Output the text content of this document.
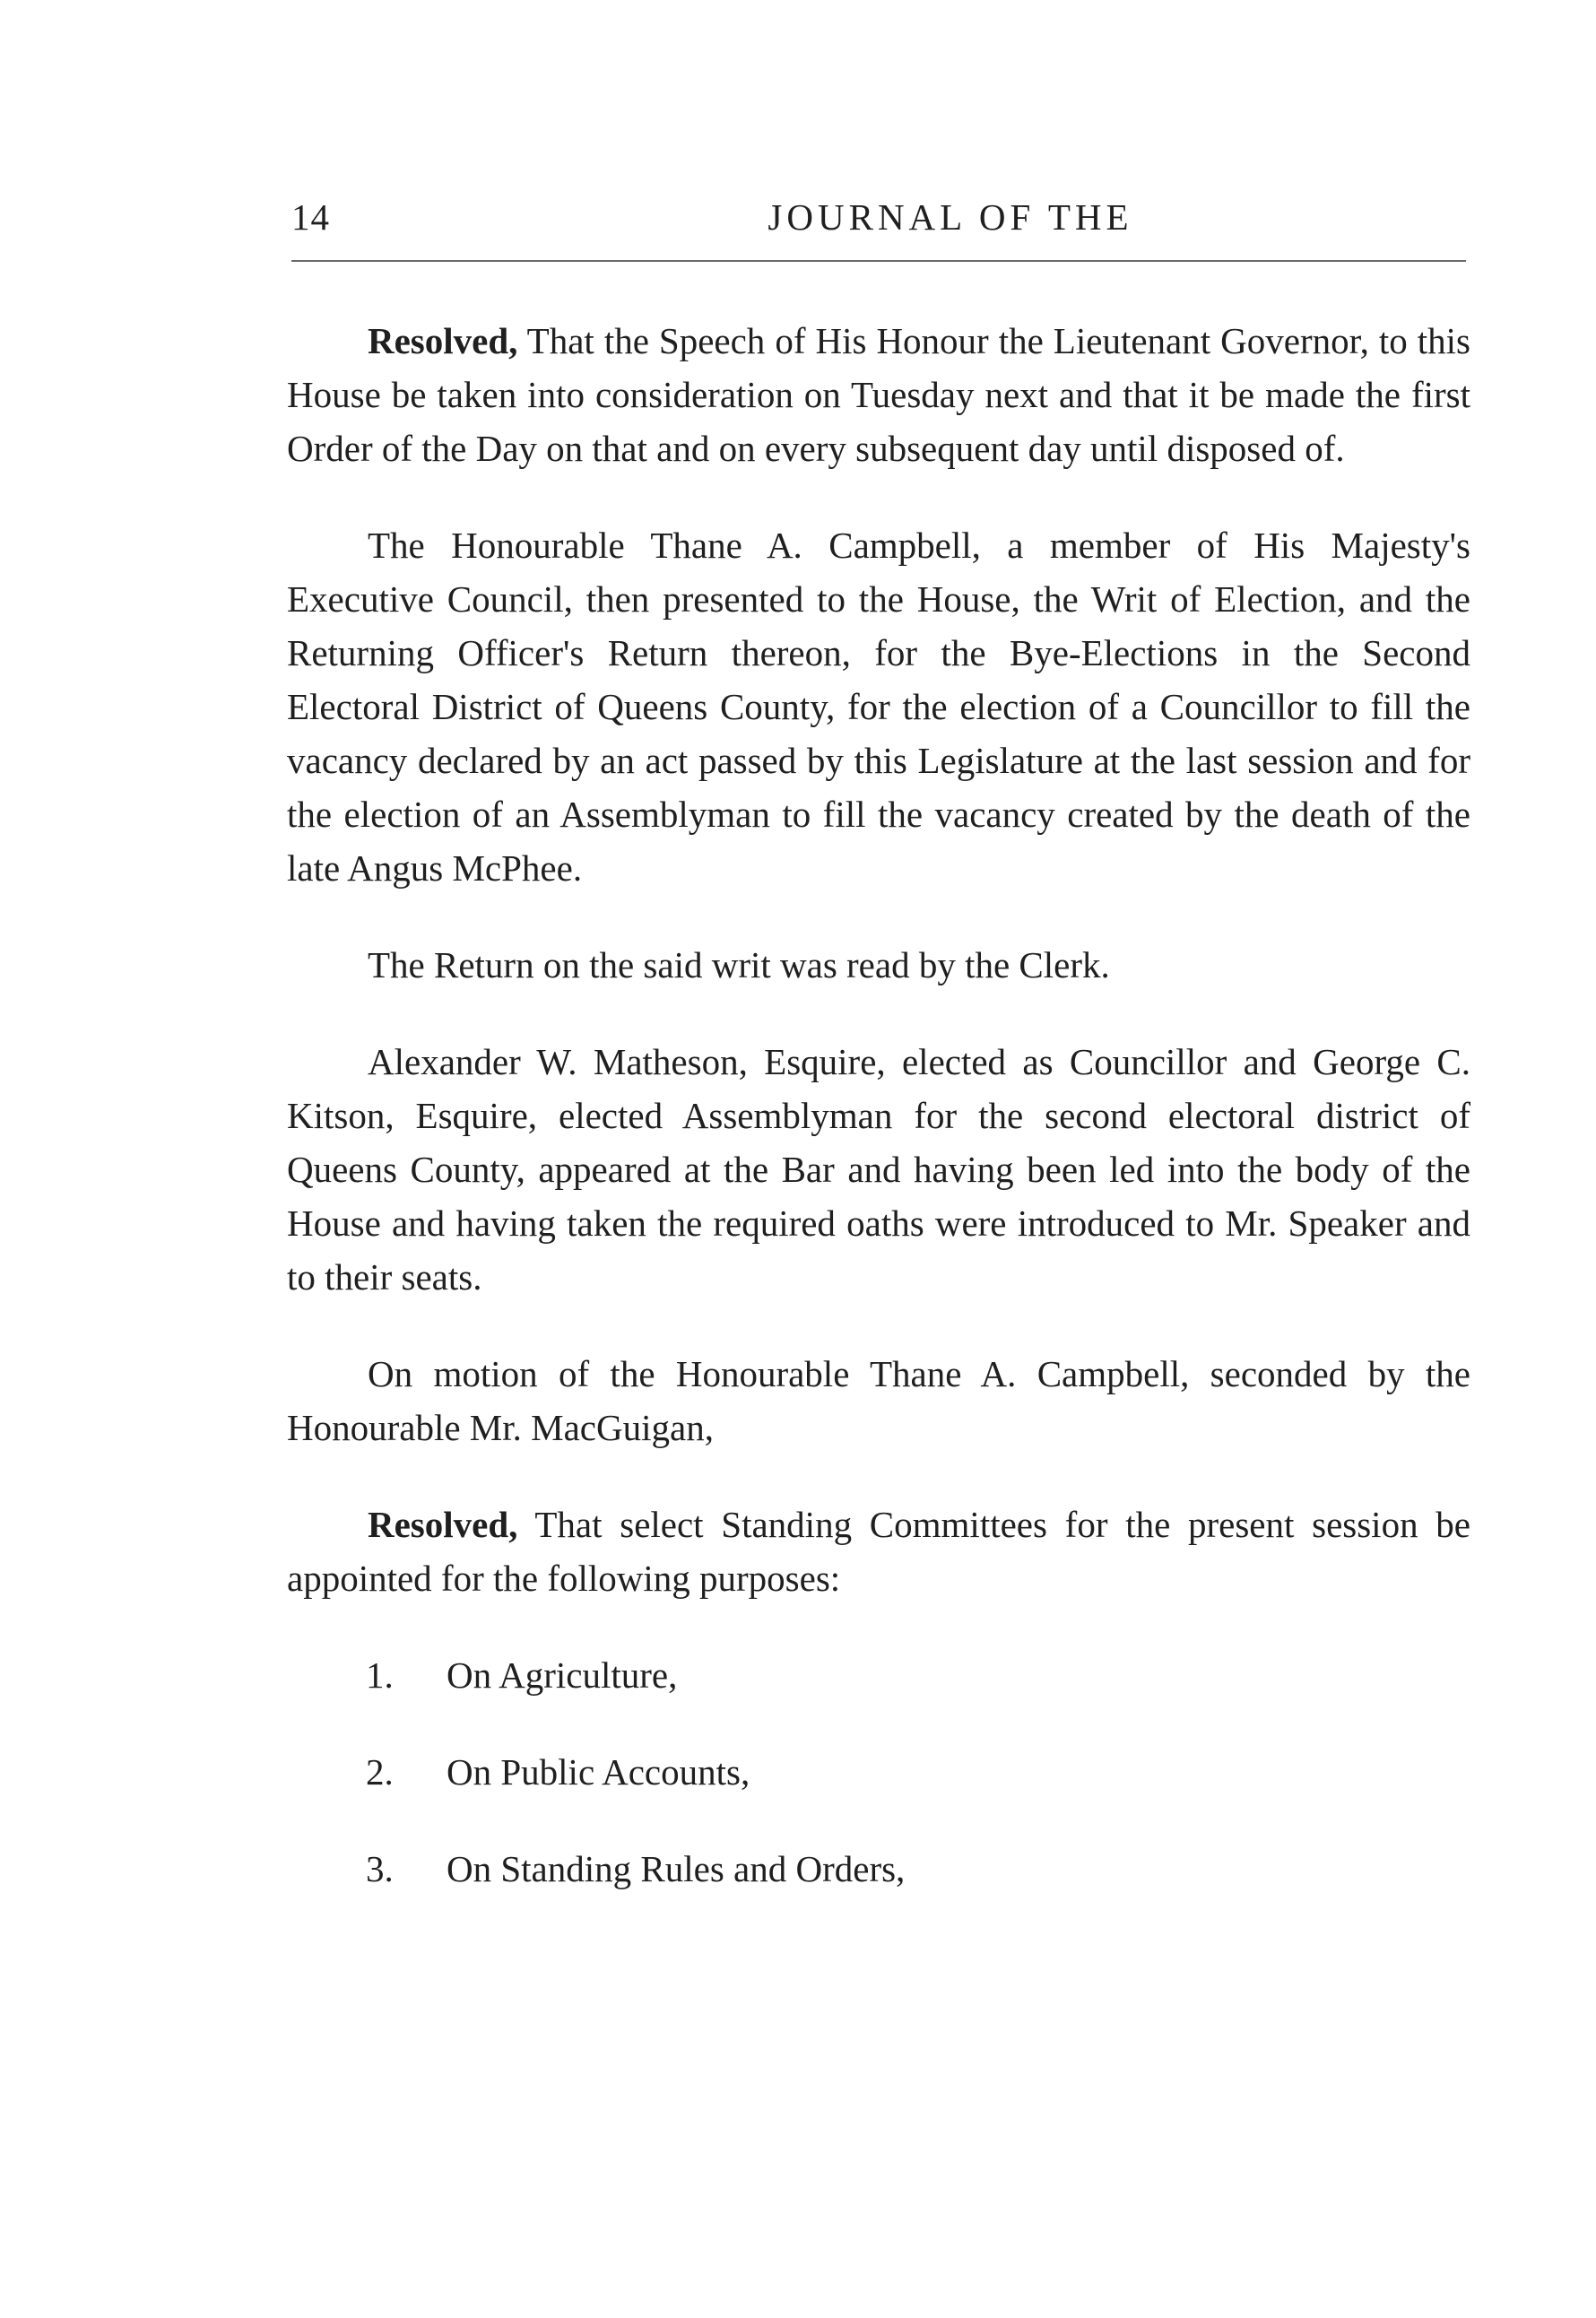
14	JOURNAL OF THE

Resolved, That the Speech of His Honour the Lieutenant Governor, to this House be taken into consideration on Tuesday next and that it be made the first Order of the Day on that and on every subsequent day until disposed of.

The Honourable Thane A. Campbell, a member of His Majesty's Executive Council, then presented to the House, the Writ of Election, and the Returning Officer's Return thereon, for the Bye-Elections in the Second Electoral District of Queens County, for the election of a Councillor to fill the vacancy declared by an act passed by this Legislature at the last session and for the election of an Assemblyman to fill the vacancy created by the death of the late Angus McPhee.

The Return on the said writ was read by the Clerk.

Alexander W. Matheson, Esquire, elected as Councillor and George C. Kitson, Esquire, elected Assemblyman for the second electoral district of Queens County, appeared at the Bar and having been led into the body of the House and having taken the required oaths were introduced to Mr. Speaker and to their seats.

On motion of the Honourable Thane A. Campbell, seconded by the Honourable Mr. MacGuigan,

Resolved, That select Standing Committees for the present session be appointed for the following purposes:

1.	On Agriculture,
2.	On Public Accounts,
3.	On Standing Rules and Orders,
